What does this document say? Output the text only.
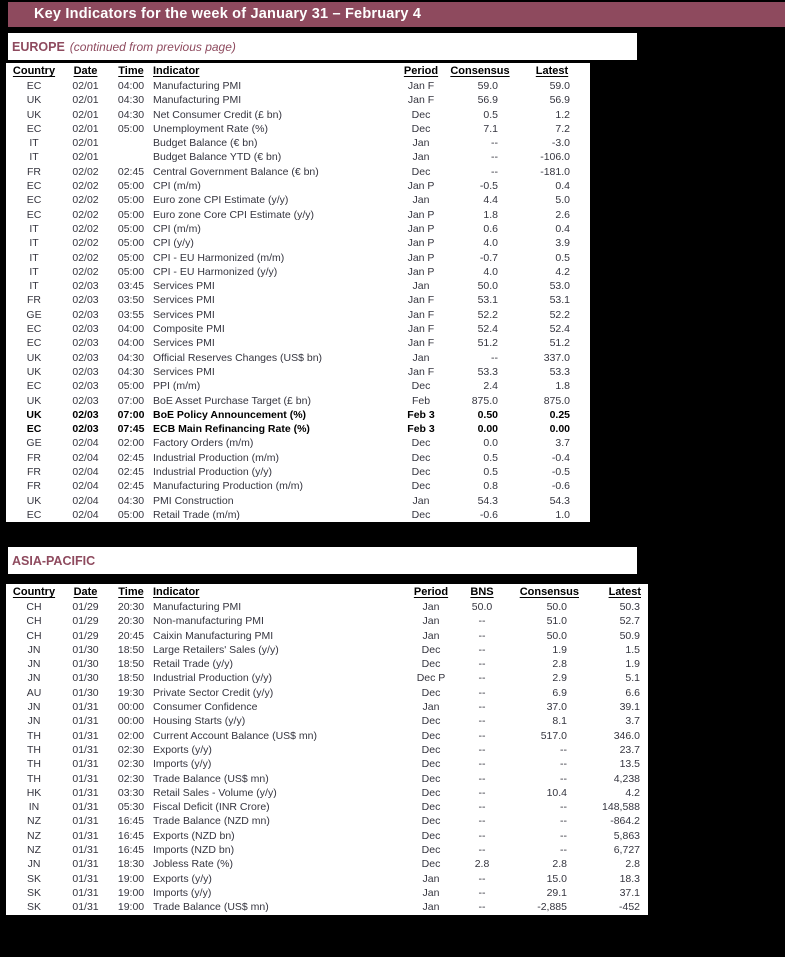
Key Indicators for the week of January 31 – February 4
EUROPE (continued from previous page)
Country	Date	Time	Indicator	Period	Consensus	Latest
EC	02/01	04:00	Manufacturing PMI	Jan F	59.0	59.0
UK	02/01	04:30	Manufacturing PMI	Jan F	56.9	56.9
UK	02/01	04:30	Net Consumer Credit (£ bn)	Dec	0.5	1.2
EC	02/01	05:00	Unemployment Rate (%)	Dec	7.1	7.2
IT	02/01		Budget Balance (€ bn)	Jan	--	-3.0
IT	02/01		Budget Balance YTD (€ bn)	Jan	--	-106.0
FR	02/02	02:45	Central Government Balance (€ bn)	Dec	--	-181.0
EC	02/02	05:00	CPI (m/m)	Jan P	-0.5	0.4
EC	02/02	05:00	Euro zone CPI Estimate (y/y)	Jan	4.4	5.0
EC	02/02	05:00	Euro zone Core CPI Estimate (y/y)	Jan P	1.8	2.6
IT	02/02	05:00	CPI (m/m)	Jan P	0.6	0.4
IT	02/02	05:00	CPI (y/y)	Jan P	4.0	3.9
IT	02/02	05:00	CPI - EU Harmonized (m/m)	Jan P	-0.7	0.5
IT	02/02	05:00	CPI - EU Harmonized (y/y)	Jan P	4.0	4.2
IT	02/03	03:45	Services PMI	Jan	50.0	53.0
FR	02/03	03:50	Services PMI	Jan F	53.1	53.1
GE	02/03	03:55	Services PMI	Jan F	52.2	52.2
EC	02/03	04:00	Composite PMI	Jan F	52.4	52.4
EC	02/03	04:00	Services PMI	Jan F	51.2	51.2
UK	02/03	04:30	Official Reserves Changes (US$ bn)	Jan	--	337.0
UK	02/03	04:30	Services PMI	Jan F	53.3	53.3
EC	02/03	05:00	PPI (m/m)	Dec	2.4	1.8
UK	02/03	07:00	BoE Asset Purchase Target (£ bn)	Feb	875.0	875.0
UK	02/03	07:00	BoE Policy Announcement (%)	Feb 3	0.50	0.25
EC	02/03	07:45	ECB Main Refinancing Rate (%)	Feb 3	0.00	0.00
GE	02/04	02:00	Factory Orders (m/m)	Dec	0.0	3.7
FR	02/04	02:45	Industrial Production (m/m)	Dec	0.5	-0.4
FR	02/04	02:45	Industrial Production (y/y)	Dec	0.5	-0.5
FR	02/04	02:45	Manufacturing Production (m/m)	Dec	0.8	-0.6
UK	02/04	04:30	PMI Construction	Jan	54.3	54.3
EC	02/04	05:00	Retail Trade (m/m)	Dec	-0.6	1.0
ASIA-PACIFIC
Country	Date	Time	Indicator	Period	BNS	Consensus	Latest
CH	01/29	20:30	Manufacturing PMI	Jan	50.0	50.0	50.3
CH	01/29	20:30	Non-manufacturing PMI	Jan	--	51.0	52.7
CH	01/29	20:45	Caixin Manufacturing PMI	Jan	--	50.0	50.9
JN	01/30	18:50	Large Retailers' Sales (y/y)	Dec	--	1.9	1.5
JN	01/30	18:50	Retail Trade (y/y)	Dec	--	2.8	1.9
JN	01/30	18:50	Industrial Production (y/y)	Dec P	--	2.9	5.1
AU	01/30	19:30	Private Sector Credit (y/y)	Dec	--	6.9	6.6
JN	01/31	00:00	Consumer Confidence	Jan	--	37.0	39.1
JN	01/31	00:00	Housing Starts (y/y)	Dec	--	8.1	3.7
TH	01/31	02:00	Current Account Balance (US$ mn)	Dec	--	517.0	346.0
TH	01/31	02:30	Exports (y/y)	Dec	--	--	23.7
TH	01/31	02:30	Imports (y/y)	Dec	--	--	13.5
TH	01/31	02:30	Trade Balance (US$ mn)	Dec	--	--	4,238
HK	01/31	03:30	Retail Sales - Volume (y/y)	Dec	--	10.4	4.2
IN	01/31	05:30	Fiscal Deficit (INR Crore)	Dec	--	--	148,588
NZ	01/31	16:45	Trade Balance (NZD mn)	Dec	--	--	-864.2
NZ	01/31	16:45	Exports (NZD bn)	Dec	--	--	5,863
NZ	01/31	16:45	Imports (NZD bn)	Dec	--	--	6,727
JN	01/31	18:30	Jobless Rate (%)	Dec	2.8	2.8	2.8
SK	01/31	19:00	Exports (y/y)	Jan	--	15.0	18.3
SK	01/31	19:00	Imports (y/y)	Jan	--	29.1	37.1
SK	01/31	19:00	Trade Balance (US$ mn)	Jan	--	-2,885	-452
